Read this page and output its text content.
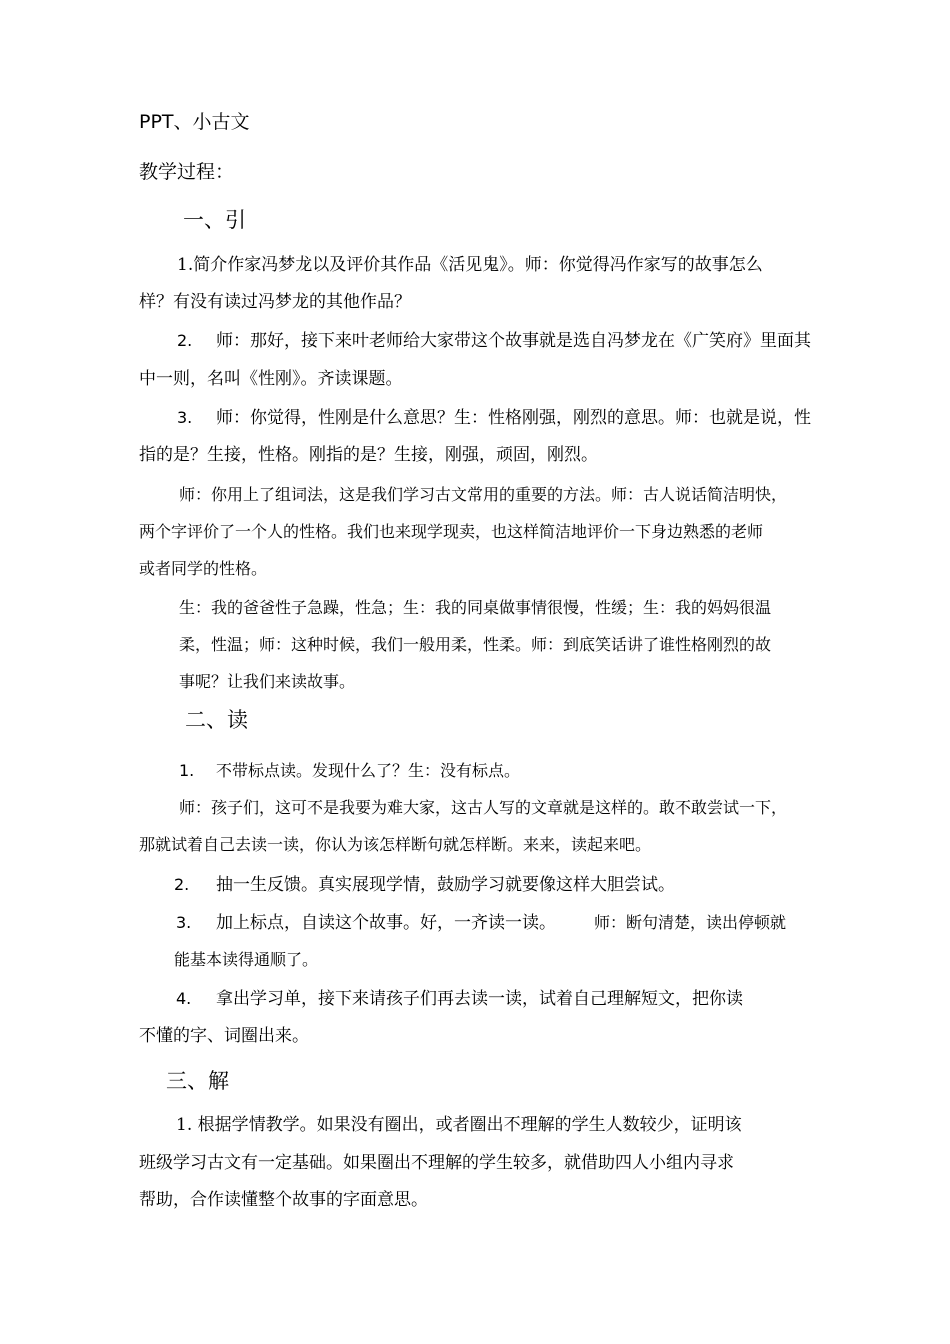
PPT、小古文
教学过程：
一、引
1.简介作家冯梦龙以及评价其作品《活见鬼》。师：你觉得冯作家写的故事怎么
样？有没有读过冯梦龙的其他作品？
2. 师：那好，接下来叶老师给大家带这个故事就是选自冯梦龙在《广笑府》里面其
中一则，名叫《性刚》。齐读课题。
3. 师：你觉得，性刚是什么意思？生：性格刚强，刚烈的意思。师：也就是说，性
指的是？生接，性格。刚指的是？生接，刚强，顽固，刚烈。
师：你用上了组词法，这是我们学习古文常用的重要的方法。师：古人说话简洁明快，
两个字评价了一个人的性格。我们也来现学现卖，也这样简洁地评价一下身边熟悉的老师
或者同学的性格。
生：我的爸爸性子急躁，性急；生：我的同桌做事情很慢，性缓；生：我的妈妈很温
柔，性温；师：这种时候，我们一般用柔，性柔。师：到底笑话讲了谁性格刚烈的故
事呢？让我们来读故事。
二、读
1. 不带标点读。发现什么了？生：没有标点。
师：孩子们，这可不是我要为难大家，这古人写的文章就是这样的。敢不敢尝试一下，
那就试着自己去读一读，你认为该怎样断句就怎样断。来来，读起来吧。
2. 抽一生反馈。真实展现学情，鼓励学习就要像这样大胆尝试。
3. 加上标点，自读这个故事。好，一齐读一读。 师：断句清楚，读出停顿就
能基本读得通顺了。
4. 拿出学习单，接下来请孩子们再去读一读，试着自己理解短文，把你读
不懂的字、词圈出来。
三、解
1. 根据学情教学。如果没有圈出，或者圈出不理解的学生人数较少，证明该
班级学习古文有一定基础。如果圈出不理解的学生较多，就借助四人小组内寻求
帮助，合作读懂整个故事的字面意思。
